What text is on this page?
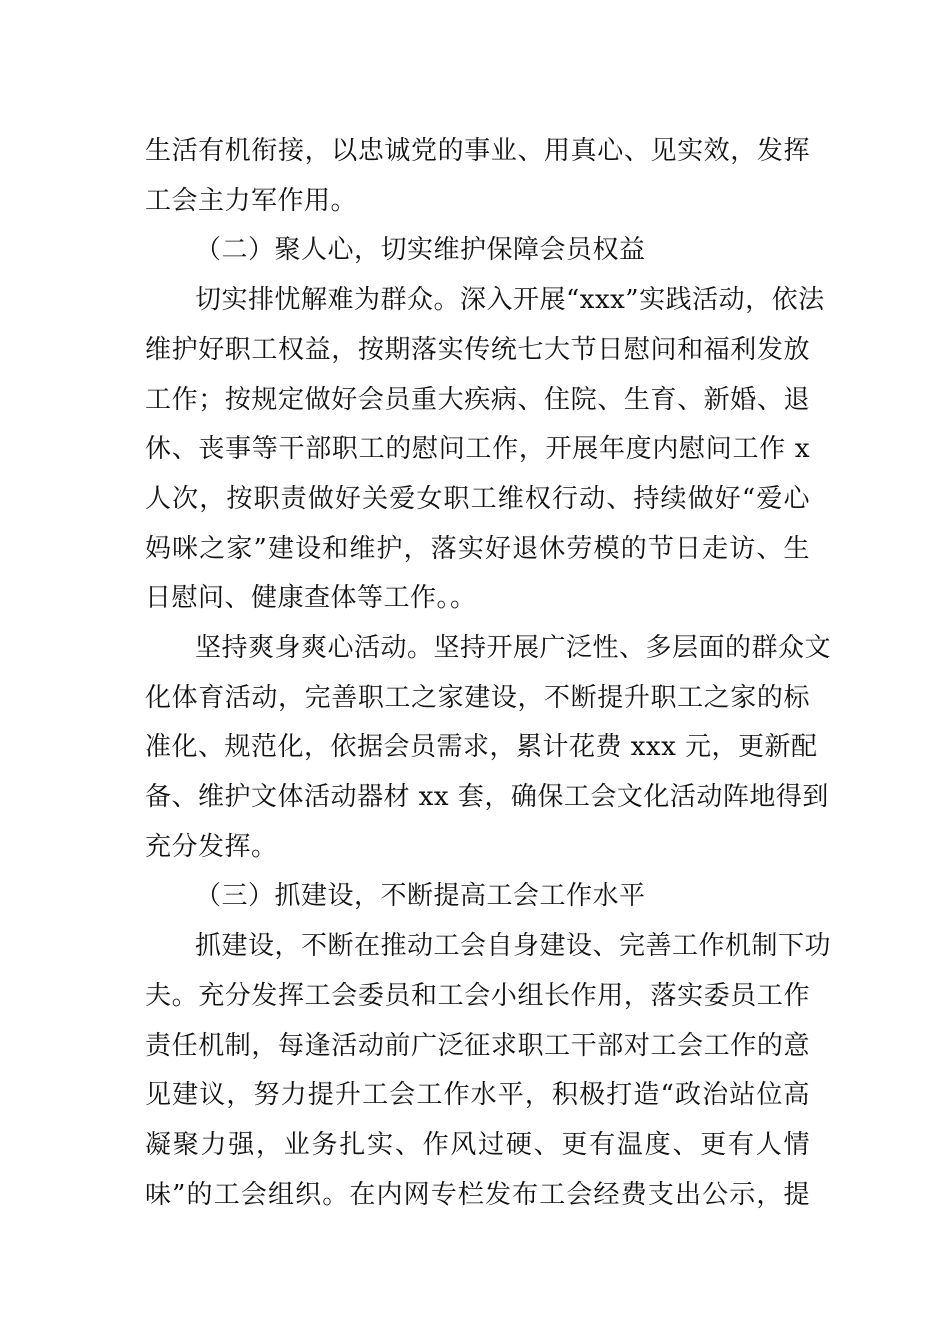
生活有机衔接，以忠诚党的事业、用真心、见实效，发挥
工会主力军作用。
（二）聚人心，切实维护保障会员权益
切实排忧解难为群众。深入开展“xxx”实践活动，依法
维护好职工权益，按期落实传统七大节日慰问和福利发放
工作；按规定做好会员重大疾病、住院、生育、新婚、退
休、丧事等干部职工的慰问工作，开展年度内慰问工作 x
人次，按职责做好关爱女职工维权行动、持续做好“爱心
妈咪之家”建设和维护，落实好退休劳模的节日走访、生
日慰问、健康查体等工作。。
坚持爽身爽心活动。坚持开展广泛性、多层面的群众文
化体育活动，完善职工之家建设，不断提升职工之家的标
准化、规范化，依据会员需求，累计花费 xxx 元，更新配
备、维护文体活动器材 xx 套，确保工会文化活动阵地得到
充分发挥。
（三）抓建设，不断提高工会工作水平
抓建设，不断在推动工会自身建设、完善工作机制下功
夫。充分发挥工会委员和工会小组长作用，落实委员工作
责任机制，每逢活动前广泛征求职工干部对工会工作的意
见建议，努力提升工会工作水平，积极打造“政治站位高
凝聚力强，业务扎实、作风过硬、更有温度、更有人情
味”的工会组织。在内网专栏发布工会经费支出公示，提
